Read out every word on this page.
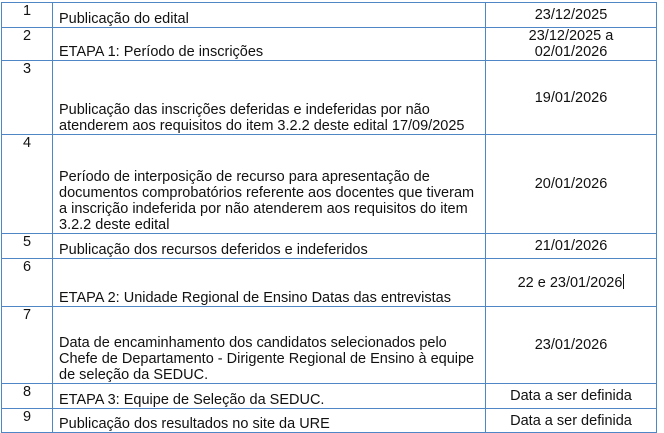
1	Publicação do edital	23/12/2025
2	ETAPA 1: Período de inscrições	23/12/2025 a 02/01/2026
3	Publicação das inscrições deferidas e indeferidas por não atenderem aos requisitos do item 3.2.2 deste edital 17/09/2025	19/01/2026
4	Período de interposição de recurso para apresentação de documentos comprobatórios referente aos docentes que tiveram a inscrição indeferida por não atenderem aos requisitos do item 3.2.2 deste edital	20/01/2026
5	Publicação dos recursos deferidos e indeferidos	21/01/2026
6	ETAPA 2: Unidade Regional de Ensino Datas das entrevistas	22 e 23/01/2026
7	Data de encaminhamento dos candidatos selecionados pelo Chefe de Departamento - Dirigente Regional de Ensino à equipe de seleção da SEDUC.	23/01/2026
8	ETAPA 3: Equipe de Seleção da SEDUC.	Data a ser definida
9	Publicação dos resultados no site da URE	Data a ser definida
